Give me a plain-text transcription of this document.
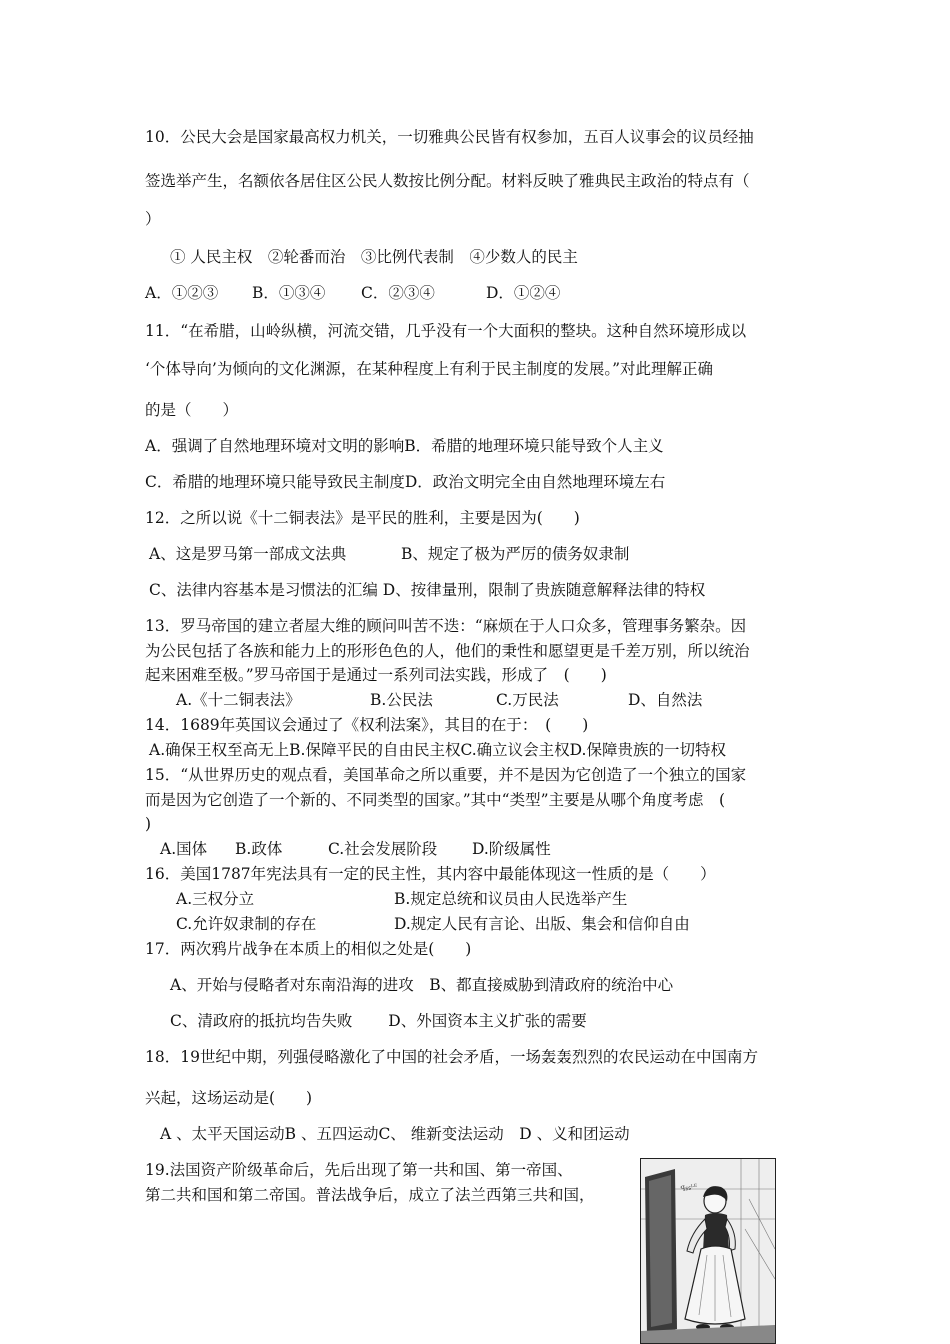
10．公民大会是国家最高权力机关，一切雅典公民皆有权参加，五百人议事会的议员经抽
签选举产生，名额依各居住区公民人数按比例分配。材料反映了雅典民主政治的特点有（
）
① 人民主权　②轮番而治　③比例代表制　④少数人的民主
A．①②③ B．①③④ C．②③④	D．①②④
11．“在希腊，山岭纵横，河流交错，几乎没有一个大面积的整块。这种自然环境形成以
‘个体导向’为倾向的文化渊源，在某种程度上有利于民主制度的发展。”对此理解正确
的是（　　）
A．强调了自然地理环境对文明的影响B．希腊的地理环境只能导致个人主义
C．希腊的地理环境只能导致民主制度D．政治文明完全由自然地理环境左右
12．之所以说《十二铜表法》是平民的胜利，主要是因为(　　)
A、这是罗马第一部成文法典	B、规定了极为严厉的债务奴隶制
C、法律内容基本是习惯法的汇编 D、按律量刑，限制了贵族随意解释法律的特权
13．罗马帝国的建立者屋大维的顾问叫苦不迭：“麻烦在于人口众多，管理事务繁杂。因
为公民包括了各族和能力上的形形色色的人，他们的秉性和愿望更是千差万别，所以统治
起来困难至极。”罗马帝国于是通过一系列司法实践，形成了　(　　)
A.《十二铜表法》	B.公民法	C.万民法	D、自然法
14．1689年英国议会通过了《权利法案》，其目的在于：　(　　)
A.确保王权至高无上B.保障平民的自由民主权C.确立议会主权D.保障贵族的一切特权
15．“从世界历史的观点看，美国革命之所以重要，并不是因为它创造了一个独立的国家
而是因为它创造了一个新的、不同类型的国家。”其中“类型”主要是从哪个角度考虑　(
)
A.国体 B.政体	C.社会发展阶段 D.阶级属性
16．美国1787年宪法具有一定的民主性，其内容中最能体现这一性质的是（　　）
A.三权分立	B.规定总统和议员由人民选举产生
C.允许奴隶制的存在	D.规定人民有言论、出版、集会和信仰自由
17．两次鸦片战争在本质上的相似之处是(　　)
A、开始与侵略者对东南沿海的进攻　B、都直接威胁到清政府的统治中心
C、清政府的抵抗均告失败　　 D、外国资本主义扩张的需要
18．19世纪中期，列强侵略激化了中国的社会矛盾，一场轰轰烈烈的农民运动在中国南方
兴起，这场运动是(　　)
A 、太平天国运动B 、五四运动C、 维新变法运动　D 、义和团运动
19.法国资产阶级革命后，先后出现了第一共和国、第一帝国、
第二共和国和第二帝国。普法战争后，成立了法兰西第三共和国，	ꟼ᥉᥉ᴸᴱ
